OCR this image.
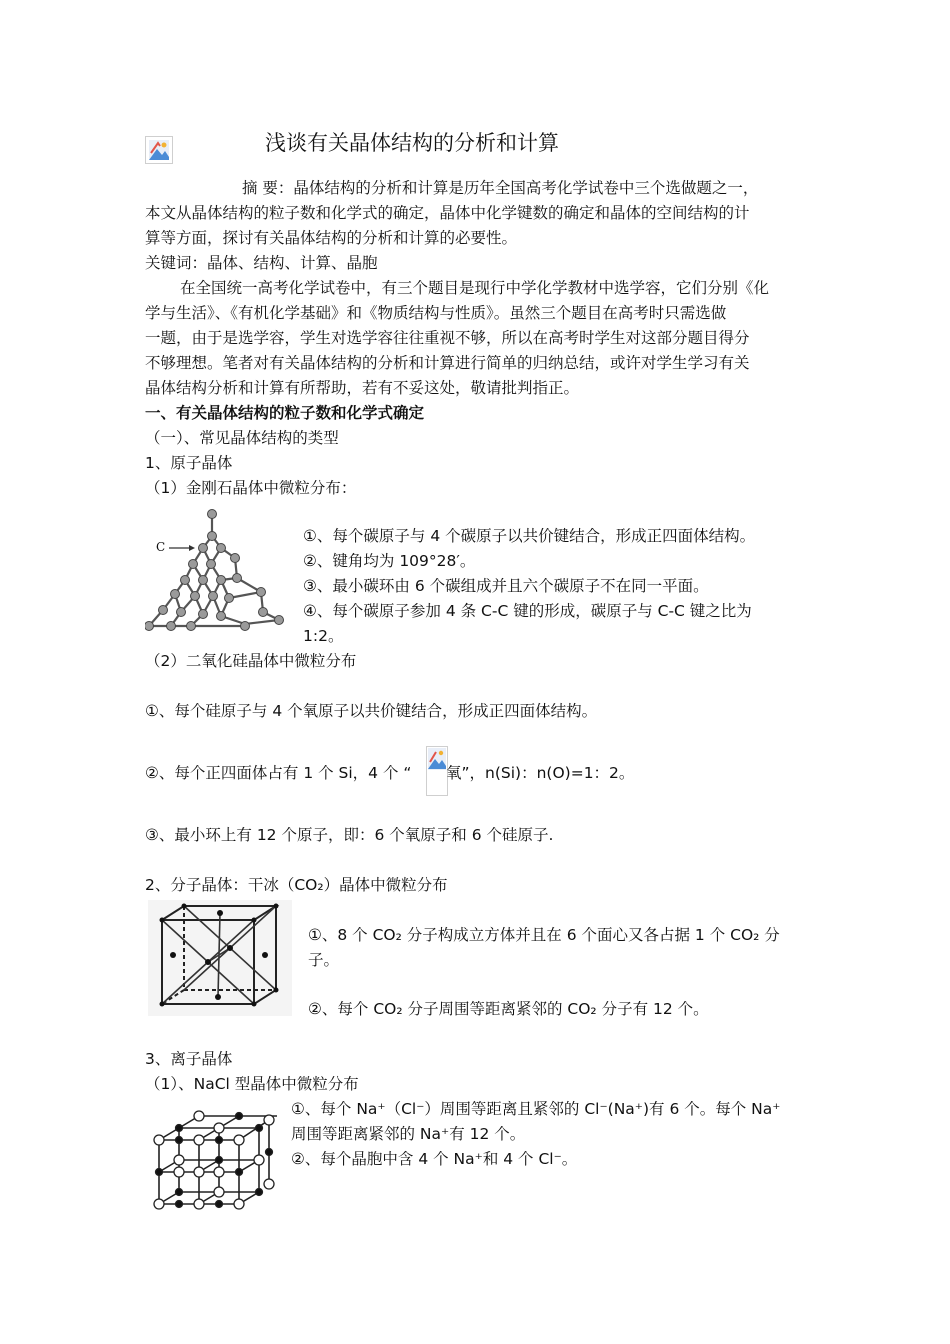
浅谈有关晶体结构的分析和计算
摘 要：晶体结构的分析和计算是历年全国高考化学试卷中三个选做题之一，
本文从晶体结构的粒子数和化学式的确定，晶体中化学键数的确定和晶体的空间结构的计
算等方面，探讨有关晶体结构的分析和计算的必要性。
关键词：晶体、结构、计算、晶胞
在全国统一高考化学试卷中，有三个题目是现行中学化学教材中选学容，它们分别《化
学与生活》、《有机化学基础》和《物质结构与性质》。虽然三个题目在高考时只需选做
一题，由于是选学容，学生对选学容往往重视不够，所以在高考时学生对这部分题目得分
不够理想。笔者对有关晶体结构的分析和计算进行简单的归纳总结，或许对学生学习有关
晶体结构分析和计算有所帮助，若有不妥这处，敬请批判指正。
一、有关晶体结构的粒子数和化学式确定
（一）、常见晶体结构的类型
1、原子晶体
（1）金刚石晶体中微粒分布：
C
①、每个碳原子与 4 个碳原子以共价键结合，形成正四面体结构。
②、键角均为 109°28′。
③、最小碳环由 6 个碳组成并且六个碳原子不在同一平面。
④、每个碳原子参加 4 条 C-C 键的形成，碳原子与 C-C 键之比为
1:2。
（2）二氧化硅晶体中微粒分布
①、每个硅原子与 4 个氧原子以共价键结合，形成正四面体结构。
②、每个正四面体占有 1 个 Si，4 个 “ 氧”，n(Si)：n(O)=1：2。
③、最小环上有 12 个原子，即：6 个氧原子和 6 个硅原子.
2、分子晶体：干冰（CO₂）晶体中微粒分布
①、8 个 CO₂ 分子构成立方体并且在 6 个面心又各占据 1 个 CO₂ 分
子。
②、每个 CO₂ 分子周围等距离紧邻的 CO₂ 分子有 12 个。
3、离子晶体
（1）、NaCl 型晶体中微粒分布
①、每个 Na⁺（Cl⁻）周围等距离且紧邻的 Cl⁻(Na⁺)有 6 个。每个 Na⁺
周围等距离紧邻的 Na⁺有 12 个。
②、每个晶胞中含 4 个 Na⁺和 4 个 Cl⁻。
